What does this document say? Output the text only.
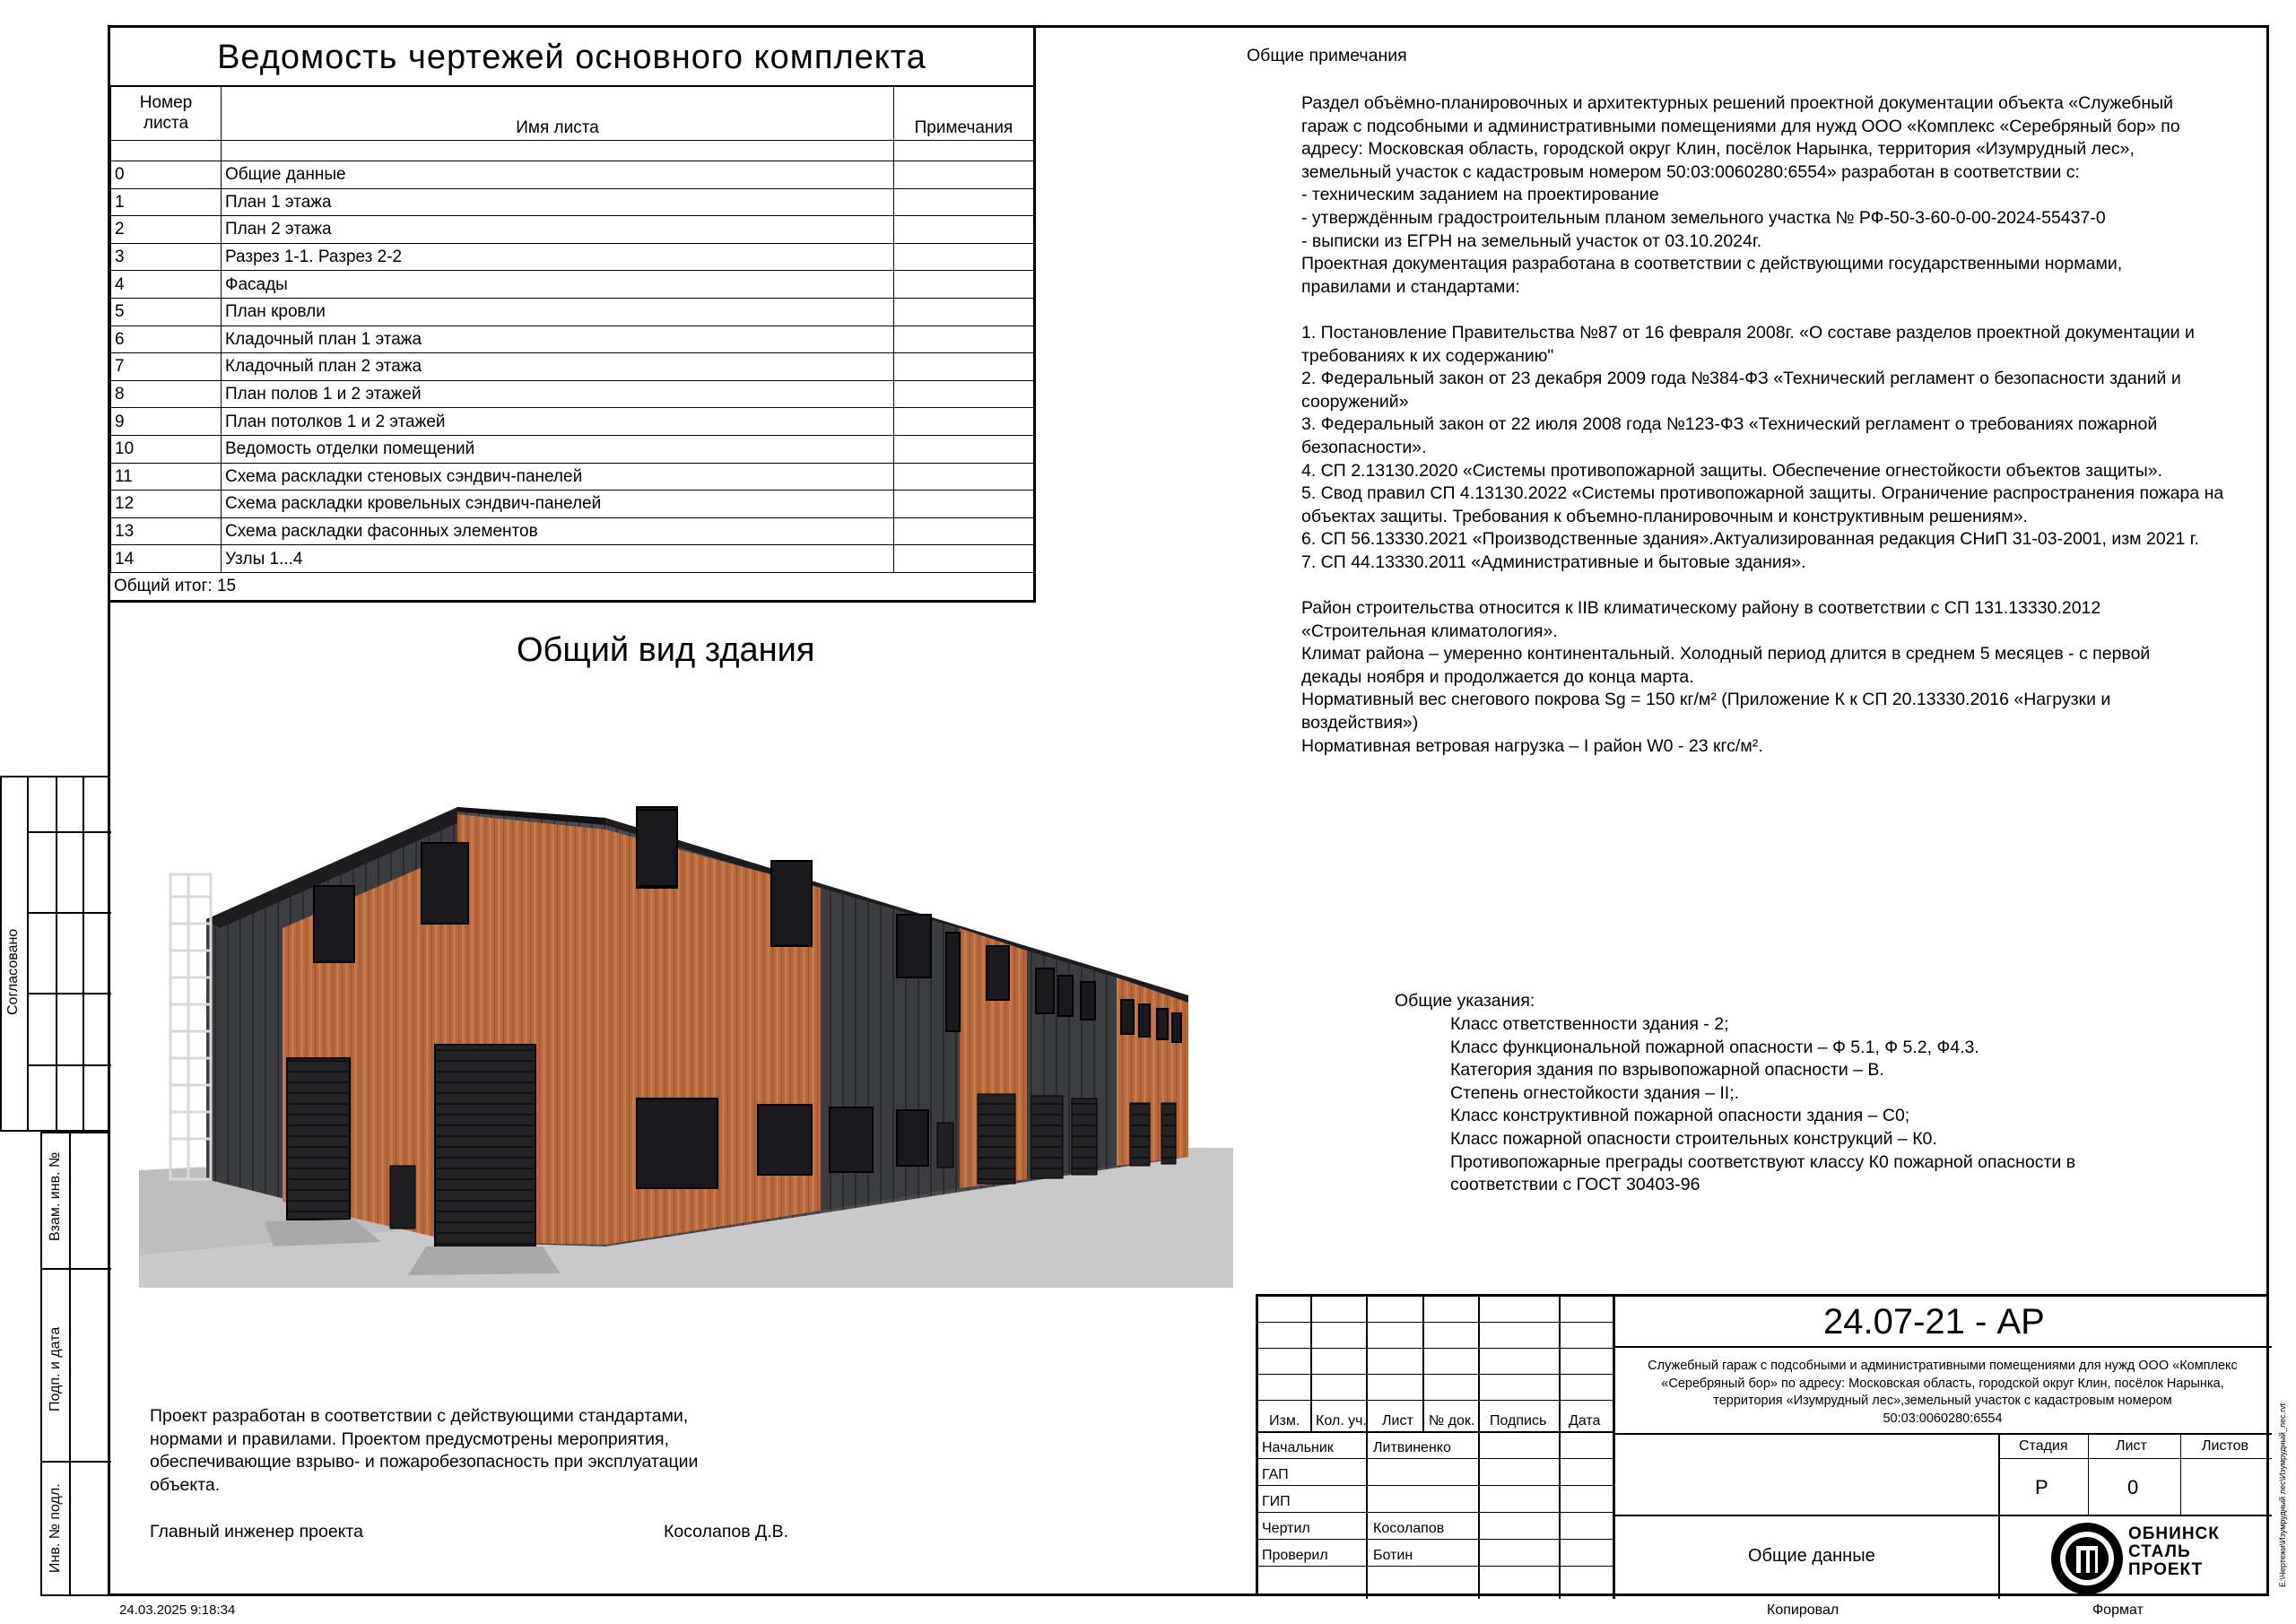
Ведомость чертежей основного комплекта
Номер листа	Имя листа	Примечания

0	Общие данные	
1	План 1 этажа	
2	План 2 этажа	
3	Разрез 1-1. Разрез 2-2	
4	Фасады	
5	План кровли	
6	Кладочный план 1 этажа	
7	Кладочный план 2 этажа	
8	План полов 1 и 2 этажей	
9	План потолков 1 и 2 этажей	
10	Ведомость отделки помещений	
11	Схема раскладки стеновых сэндвич-панелей	
12	Схема раскладки кровельных сэндвич-панелей	
13	Схема раскладки фасонных элементов	
14	Узлы 1...4	
Общий итог: 15
Общий вид здания
Проект разработан в соответствии с действующими стандартами,
нормами и правилами. Проектом предусмотрены мероприятия,
обеспечивающие взрыво- и пожаробезопасность при эксплуатации
объекта.
Главный инженер проекта	Косолапов Д.В.
Общие примечания
Раздел объёмно-планировочных и архитектурных решений проектной документации объекта «Служебный
гараж с подсобными и административными помещениями для нужд ООО «Комплекс «Серебряный бор» по
адресу: Московская область, городской округ Клин, посёлок Нарынка, территория «Изумрудный лес»,
земельный участок с кадастровым номером 50:03:0060280:6554» разработан в соответствии с:
- техническим заданием на проектирование
- утверждённым градостроительным планом земельного участка № РФ-50-3-60-0-00-2024-55437-0
- выписки из ЕГРН на земельный участок от 03.10.2024г.
Проектная документация разработана в соответствии с действующими государственными нормами,
правилами и стандартами:

1. Постановление Правительства №87 от 16 февраля 2008г. «О составе разделов проектной документации и
требованиях к их содержанию"
2. Федеральный закон от 23 декабря 2009 года №384-ФЗ «Технический регламент о безопасности зданий и
сооружений»
3. Федеральный закон от 22 июля 2008 года №123-ФЗ «Технический регламент о требованиях пожарной
безопасности».
4. СП 2.13130.2020 «Системы противопожарной защиты. Обеспечение огнестойкости объектов защиты».
5. Свод правил СП 4.13130.2022 «Системы противопожарной защиты. Ограничение распространения пожара на
объектах защиты. Требования к объемно-планировочным и конструктивным решениям».
6. СП 56.13330.2021 «Производственные здания».Актуализированная редакция СНиП 31-03-2001, изм 2021 г.
7. СП 44.13330.2011 «Административные и бытовые здания».

Район строительства относится к IIВ климатическому району в соответствии с СП 131.13330.2012
«Строительная климатология».
Климат района – умеренно континентальный. Холодный период длится в среднем 5 месяцев - с первой
декады ноября и продолжается до конца марта.
Нормативный вес снегового покрова Sg = 150 кг/м² (Приложение К к СП 20.13330.2016 «Нагрузки и
воздействия»)
Нормативная ветровая нагрузка – I район W0 - 23 кгс/м².
Общие указания:
Класс ответственности здания - 2;
Класс функциональной пожарной опасности – Ф 5.1, Ф 5.2, Ф4.3.
Категория здания по взрывопожарной опасности – В.
Степень огнестойкости здания – II;.
Класс конструктивной пожарной опасности здания – С0;
Класс пожарной опасности строительных конструкций – К0.
Противопожарные преграды соответствуют классу К0 пожарной опасности в
соответствии с ГОСТ 30403-96
Согласовано
Взам. инв. №
Подп. и дата
Инв. № подл.
Изм. Кол. уч. Лист № док. Подпись Дата
Начальник	Литвиненко
ГАП
ГИП
Чертил	Косолапов
Проверил	Ботин
24.07-21 - АР
Служебный гараж с подсобными и административными помещениями для нужд ООО «Комплекс
«Серебряный бор» по адресу: Московская область, городской округ Клин, посёлок Нарынка,
территория «Изумрудный лес»,земельный участок с кадастровым номером
50:03:0060280:6554
Стадия	Лист	Листов
Р	0
Общие данные
ОБНИНСК
СТАЛЬ
ПРОЕКТ	E:\Чертежи\Изумрудный лес\Изумрудный_лес.rvt
24.03.2025 9:18:34	Копировал	Формат
